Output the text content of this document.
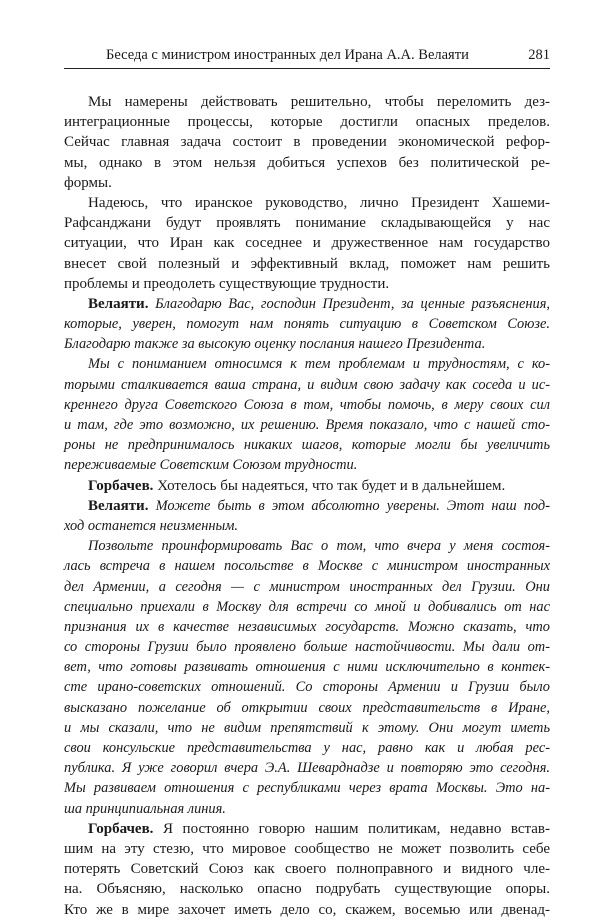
Беседа с министром иностранных дел Ирана А.А. Велаяти	281
Мы намерены действовать решительно, чтобы переломить дез-
интеграционные процессы, которые достигли опасных пределов.
Сейчас главная задача состоит в проведении экономической рефор-
мы, однако в этом нельзя добиться успехов без политической ре-
формы.
Надеюсь, что иранское руководство, лично Президент Хашеми-
Рафсанджани будут проявлять понимание складывающейся у нас
ситуации, что Иран как соседнее и дружественное нам государство
внесет свой полезный и эффективный вклад, поможет нам решить
проблемы и преодолеть существующие трудности.
Велаяти. Благодарю Вас, господин Президент, за ценные разъяснения,
которые, уверен, помогут нам понять ситуацию в Советском Союзе.
Благодарю также за высокую оценку послания нашего Президента.
Мы с пониманием относимся к тем проблемам и трудностям, с ко-
торыми сталкивается ваша страна, и видим свою задачу как соседа и ис-
креннего друга Советского Союза в том, чтобы помочь, в меру своих сил
и там, где это возможно, их решению. Время показало, что с нашей сто-
роны не предпринималось никаких шагов, которые могли бы увеличить
переживаемые Советским Союзом трудности.
Горбачев. Хотелось бы надеяться, что так будет и в дальнейшем.
Велаяти. Можете быть в этом абсолютно уверены. Этот наш под-
ход останется неизменным.
Позвольте проинформировать Вас о том, что вчера у меня состоя-
лась встреча в нашем посольстве в Москве с министром иностранных
дел Армении, а сегодня — с министром иностранных дел Грузии. Они
специально приехали в Москву для встречи со мной и добивались от нас
признания их в качестве независимых государств. Можно сказать, что
со стороны Грузии было проявлено больше настойчивости. Мы дали от-
вет, что готовы развивать отношения с ними исключительно в контек-
сте ирано-советских отношений. Со стороны Армении и Грузии было
высказано пожелание об открытии своих представительств в Иране,
и мы сказали, что не видим препятствий к этому. Они могут иметь
свои консульские представительства у нас, равно как и любая рес-
публика. Я уже говорил вчера Э.А. Шеварднадзе и повторяю это сегодня.
Мы развиваем отношения с республиками через врата Москвы. Это на-
ша принципиальная линия.
Горбачев. Я постоянно говорю нашим политикам, недавно встав-
шим на эту стезю, что мировое сообщество не может позволить себе
потерять Советский Союз как своего полноправного и видного чле-
на. Объясняю, насколько опасно подрубать существующие опоры.
Кто же в мире захочет иметь дело со, скажем, восемью или двенад-
